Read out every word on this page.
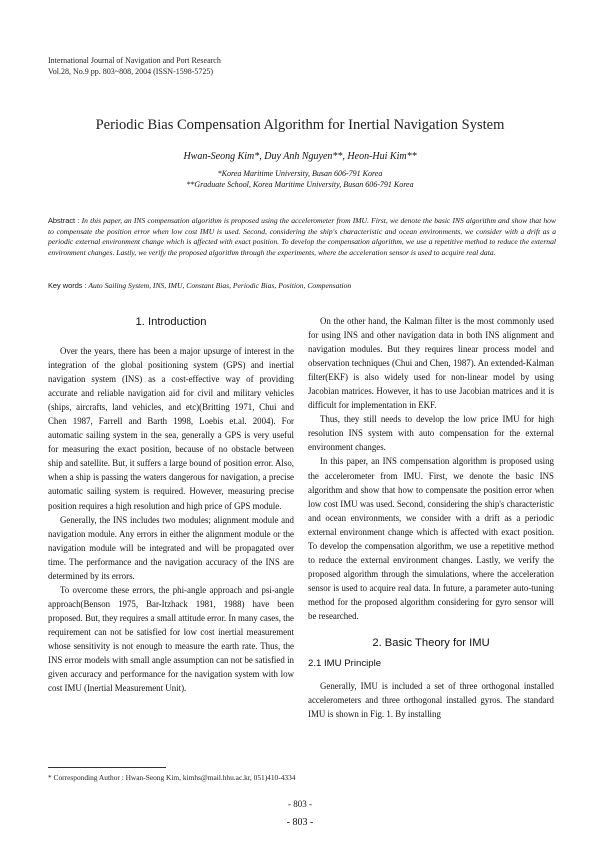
International Journal of Navigation and Port Research
Vol.28, No.9 pp. 803~808, 2004 (ISSN-1598-5725)
Periodic Bias Compensation Algorithm for Inertial Navigation System
Hwan-Seong Kim*, Duy Anh Nguyen**, Heon-Hui Kim**
*Korea Maritime University, Busan 606-791 Korea
**Graduate School, Korea Maritime University, Busan 606-791 Korea
Abstract : In this paper, an INS compensation algorithm is proposed using the accelerometer from IMU. First, we denote the basic INS algorithm and show that how to compensate the position error when low cost IMU is used. Second, considering the ship's characteristic and ocean environments, we consider with a drift as a periodic external environment change which is affected with exact position. To develop the compensation algorithm, we use a repetitive method to reduce the external environment changes. Lastly, we verify the proposed algorithm through the experiments, where the acceleration sensor is used to acquire real data.
Key words : Auto Sailing System, INS, IMU, Constant Bias, Periodic Bias, Position, Compensation
1. Introduction

Over the years, there has been a major upsurge of interest in the integration of the global positioning system (GPS) and inertial navigation system (INS) as a cost-effective way of providing accurate and reliable navigation aid for civil and military vehicles (ships, aircrafts, land vehicles, and etc)(Britting 1971, Chui and Chen 1987, Farrell and Barth 1998, Loebis et.al. 2004). For automatic sailing system in the sea, generally a GPS is very useful for measuring the exact position, because of no obstacle between ship and satellite. But, it suffers a large bound of position error. Also, when a ship is passing the waters dangerous for navigation, a precise automatic sailing system is required. However, measuring precise position requires a high resolution and high price of GPS module.

Generally, the INS includes two modules; alignment module and navigation module. Any errors in either the alignment module or the navigation module will be integrated and will be propagated over time. The performance and the navigation accuracy of the INS are determined by its errors.

To overcome these errors, the phi-angle approach and psi-angle approach(Benson 1975, Bar-Itzhack 1981, 1988) have been proposed. But, they requires a small attitude error. In many cases, the requirement can not be satisfied for low cost inertial measurement whose sensitivity is not enough to measure the earth rate. Thus, the INS error models with small angle assumption can not be satisfied in given accuracy and performance for the navigation system with low cost IMU (Inertial Measurement Unit).

On the other hand, the Kalman filter is the most commonly used for using INS and other navigation data in both INS alignment and navigation modules. But they requires linear process model and observation techniques (Chui and Chen, 1987). An extended-Kalman filter(EKF) is also widely used for non-linear model by using Jacobian matrices. However, it has to use Jacobian matrices and it is difficult for implementation in EKF.

Thus, they still needs to develop the low price IMU for high resolution INS system with auto compensation for the external environment changes.

In this paper, an INS compensation algorithm is proposed using the accelerometer from IMU. First, we denote the basic INS algorithm and show that how to compensate the position error when low cost IMU was used. Second, considering the ship's characteristic and ocean environments, we consider with a drift as a periodic external environment change which is affected with exact position. To develop the compensation algorithm, we use a repetitive method to reduce the external environment changes. Lastly, we verify the proposed algorithm through the simulations, where the acceleration sensor is used to acquire real data. In future, a parameter auto-tuning method for the proposed algorithm considering for gyro sensor will be researched.

2. Basic Theory for IMU
2.1 IMU Principle

Generally, IMU is included a set of three orthogonal installed accelerometers and three orthogonal installed gyros. The standard IMU is shown in Fig. 1. By installing

* Corresponding Author : Hwan-Seong Kim, kimhs@mail.hhu.ac.kr, 051)410-4334
- 803 -
- 803 -
